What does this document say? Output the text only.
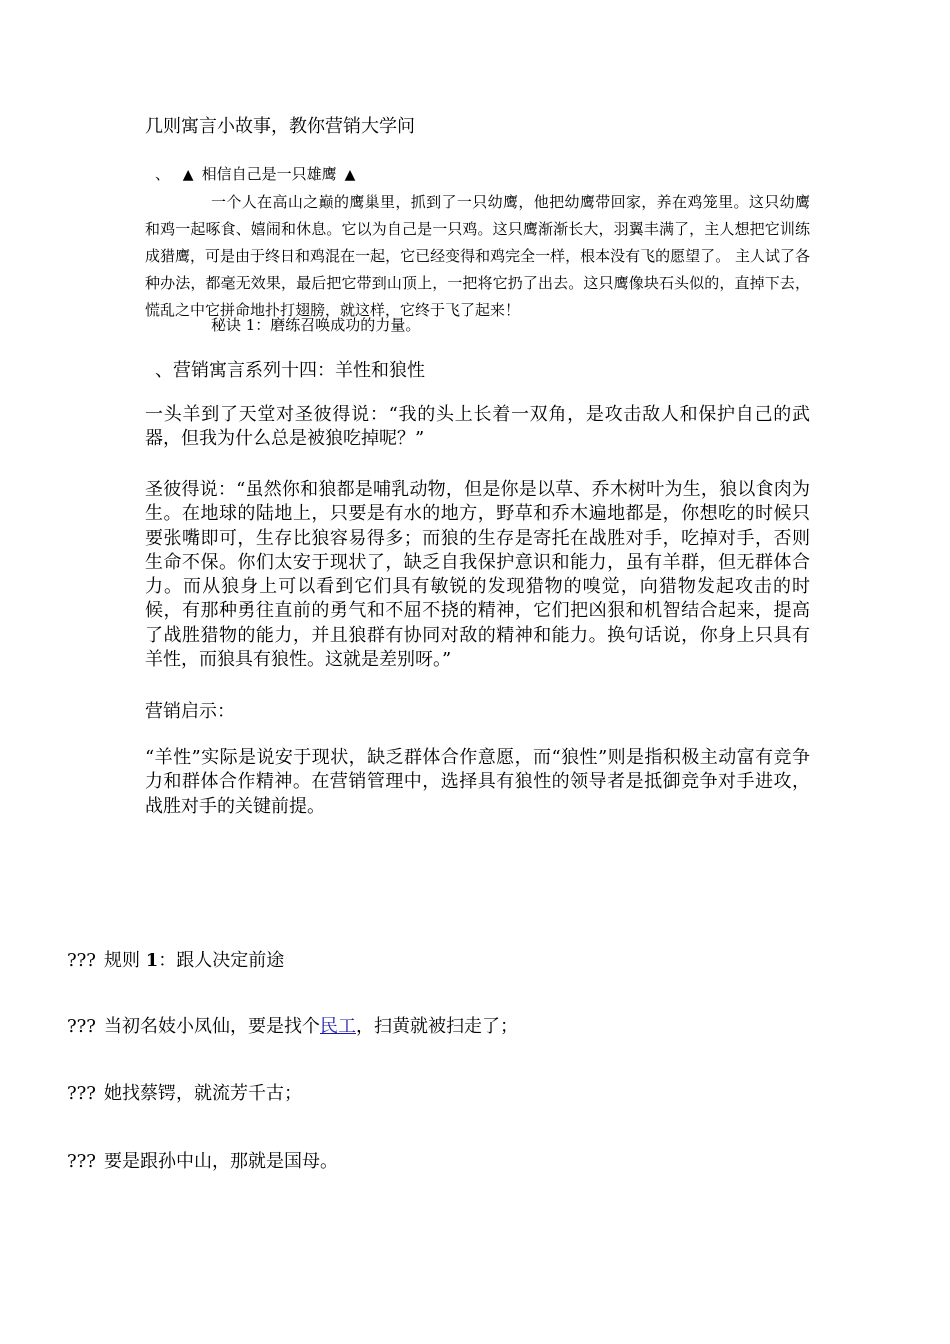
几则寓言小故事，教你营销大学问
、 ▲ 相信自己是一只雄鹰 ▲
一个人在高山之巅的鹰巢里，抓到了一只幼鹰，他把幼鹰带回家，养在鸡笼里。这只幼鹰和鸡一起啄食、嬉闹和休息。它以为自己是一只鸡。这只鹰渐渐长大，羽翼丰满了，主人想把它训练成猎鹰，可是由于终日和鸡混在一起，它已经变得和鸡完全一样，根本没有飞的愿望了。 主人试了各种办法，都毫无效果，最后把它带到山顶上，一把将它扔了出去。这只鹰像块石头似的，直掉下去，慌乱之中它拼命地扑打翅膀，就这样，它终于飞了起来！
秘诀 1：磨练召唤成功的力量。
、营销寓言系列十四：羊性和狼性
一头羊到了天堂对圣彼得说：“我的头上长着一双角，是攻击敌人和保护自己的武器，但我为什么总是被狼吃掉呢？”
圣彼得说：“虽然你和狼都是哺乳动物，但是你是以草、乔木树叶为生，狼以食肉为生。在地球的陆地上，只要是有水的地方，野草和乔木遍地都是，你想吃的时候只要张嘴即可，生存比狼容易得多；而狼的生存是寄托在战胜对手，吃掉对手，否则生命不保。你们太安于现状了，缺乏自我保护意识和能力，虽有羊群，但无群体合力。而从狼身上可以看到它们具有敏锐的发现猎物的嗅觉，向猎物发起攻击的时候，有那种勇往直前的勇气和不屈不挠的精神，它们把凶狠和机智结合起来，提高了战胜猎物的能力，并且狼群有协同对敌的精神和能力。换句话说，你身上只具有羊性，而狼具有狼性。这就是差别呀。”
营销启示：
“羊性”实际是说安于现状，缺乏群体合作意愿，而“狼性”则是指积极主动富有竞争力和群体合作精神。在营销管理中，选择具有狼性的领导者是抵御竞争对手进攻，战胜对手的关键前提。
??? 规则 1：跟人决定前途
??? 当初名妓小凤仙，要是找个民工，扫黄就被扫走了；
??? 她找蔡锷，就流芳千古；
??? 要是跟孙中山，那就是国母。
